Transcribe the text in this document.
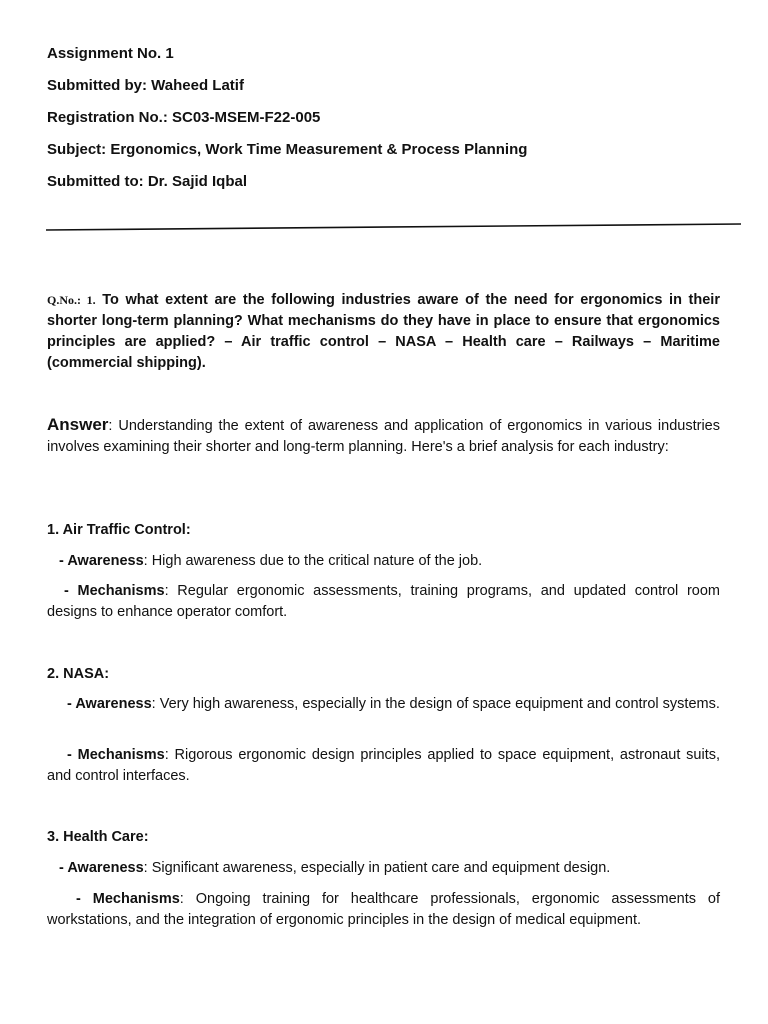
Assignment No. 1
Submitted by: Waheed Latif
Registration No.: SC03-MSEM-F22-005
Subject: Ergonomics, Work Time Measurement & Process Planning
Submitted to: Dr. Sajid Iqbal
Q.No.: 1. To what extent are the following industries aware of the need for ergonomics in their shorter long-term planning? What mechanisms do they have in place to ensure that ergonomics principles are applied? – Air traffic control – NASA – Health care – Railways – Maritime (commercial shipping).
Answer: Understanding the extent of awareness and application of ergonomics in various industries involves examining their shorter and long-term planning. Here's a brief analysis for each industry:
1. Air Traffic Control:
- Awareness: High awareness due to the critical nature of the job.
- Mechanisms: Regular ergonomic assessments, training programs, and updated control room designs to enhance operator comfort.
2. NASA:
- Awareness: Very high awareness, especially in the design of space equipment and control systems.
- Mechanisms: Rigorous ergonomic design principles applied to space equipment, astronaut suits, and control interfaces.
3. Health Care:
- Awareness: Significant awareness, especially in patient care and equipment design.
- Mechanisms: Ongoing training for healthcare professionals, ergonomic assessments of workstations, and the integration of ergonomic principles in the design of medical equipment.
